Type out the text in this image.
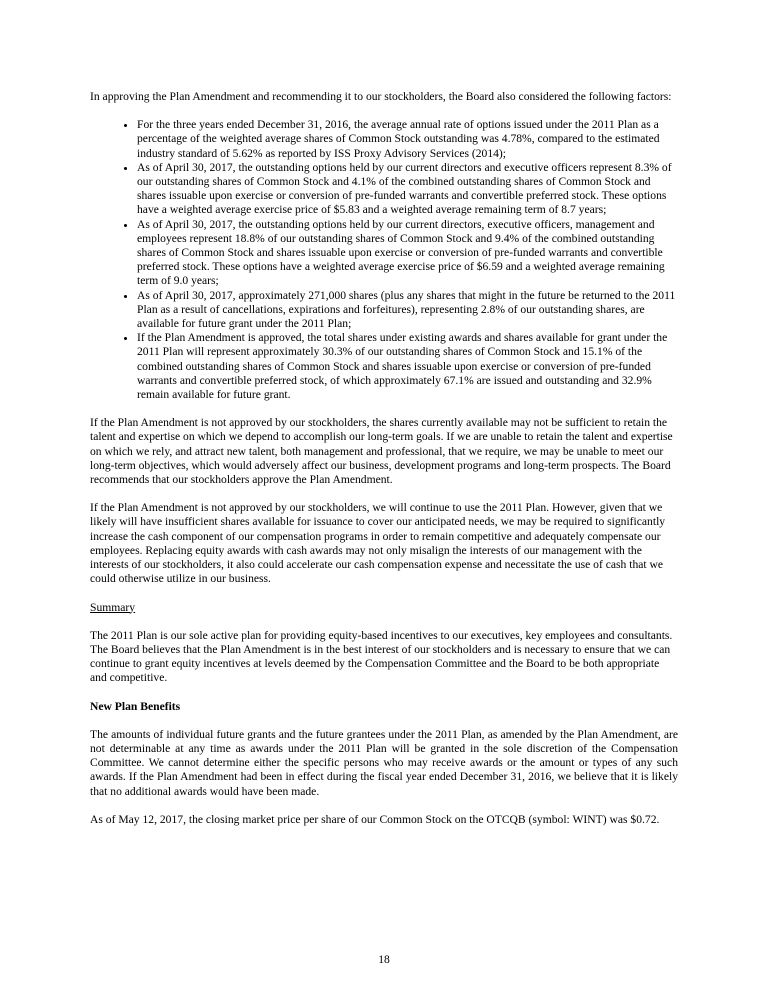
In approving the Plan Amendment and recommending it to our stockholders, the Board also considered the following factors:

• For the three years ended December 31, 2016, the average annual rate of options issued under the 2011 Plan as a percentage of the weighted average shares of Common Stock outstanding was 4.78%, compared to the estimated industry standard of 5.62% as reported by ISS Proxy Advisory Services (2014);
• As of April 30, 2017, the outstanding options held by our current directors and executive officers represent 8.3% of our outstanding shares of Common Stock and 4.1% of the combined outstanding shares of Common Stock and shares issuable upon exercise or conversion of pre-funded warrants and convertible preferred stock. These options have a weighted average exercise price of $5.83 and a weighted average remaining term of 8.7 years;
• As of April 30, 2017, the outstanding options held by our current directors, executive officers, management and employees represent 18.8% of our outstanding shares of Common Stock and 9.4% of the combined outstanding shares of Common Stock and shares issuable upon exercise or conversion of pre-funded warrants and convertible preferred stock. These options have a weighted average exercise price of $6.59 and a weighted average remaining term of 9.0 years;
• As of April 30, 2017, approximately 271,000 shares (plus any shares that might in the future be returned to the 2011 Plan as a result of cancellations, expirations and forfeitures), representing 2.8% of our outstanding shares, are available for future grant under the 2011 Plan;
• If the Plan Amendment is approved, the total shares under existing awards and shares available for grant under the 2011 Plan will represent approximately 30.3% of our outstanding shares of Common Stock and 15.1% of the combined outstanding shares of Common Stock and shares issuable upon exercise or conversion of pre-funded warrants and convertible preferred stock, of which approximately 67.1% are issued and outstanding and 32.9% remain available for future grant.

If the Plan Amendment is not approved by our stockholders, the shares currently available may not be sufficient to retain the talent and expertise on which we depend to accomplish our long-term goals. If we are unable to retain the talent and expertise on which we rely, and attract new talent, both management and professional, that we require, we may be unable to meet our long-term objectives, which would adversely affect our business, development programs and long-term prospects. The Board recommends that our stockholders approve the Plan Amendment.

If the Plan Amendment is not approved by our stockholders, we will continue to use the 2011 Plan. However, given that we likely will have insufficient shares available for issuance to cover our anticipated needs, we may be required to significantly increase the cash component of our compensation programs in order to remain competitive and adequately compensate our employees. Replacing equity awards with cash awards may not only misalign the interests of our management with the interests of our stockholders, it also could accelerate our cash compensation expense and necessitate the use of cash that we could otherwise utilize in our business.

Summary

The 2011 Plan is our sole active plan for providing equity-based incentives to our executives, key employees and consultants. The Board believes that the Plan Amendment is in the best interest of our stockholders and is necessary to ensure that we can continue to grant equity incentives at levels deemed by the Compensation Committee and the Board to be both appropriate and competitive.

New Plan Benefits

The amounts of individual future grants and the future grantees under the 2011 Plan, as amended by the Plan Amendment, are not determinable at any time as awards under the 2011 Plan will be granted in the sole discretion of the Compensation Committee. We cannot determine either the specific persons who may receive awards or the amount or types of any such awards. If the Plan Amendment had been in effect during the fiscal year ended December 31, 2016, we believe that it is likely that no additional awards would have been made.

As of May 12, 2017, the closing market price per share of our Common Stock on the OTCQB (symbol: WINT) was $0.72.

18
